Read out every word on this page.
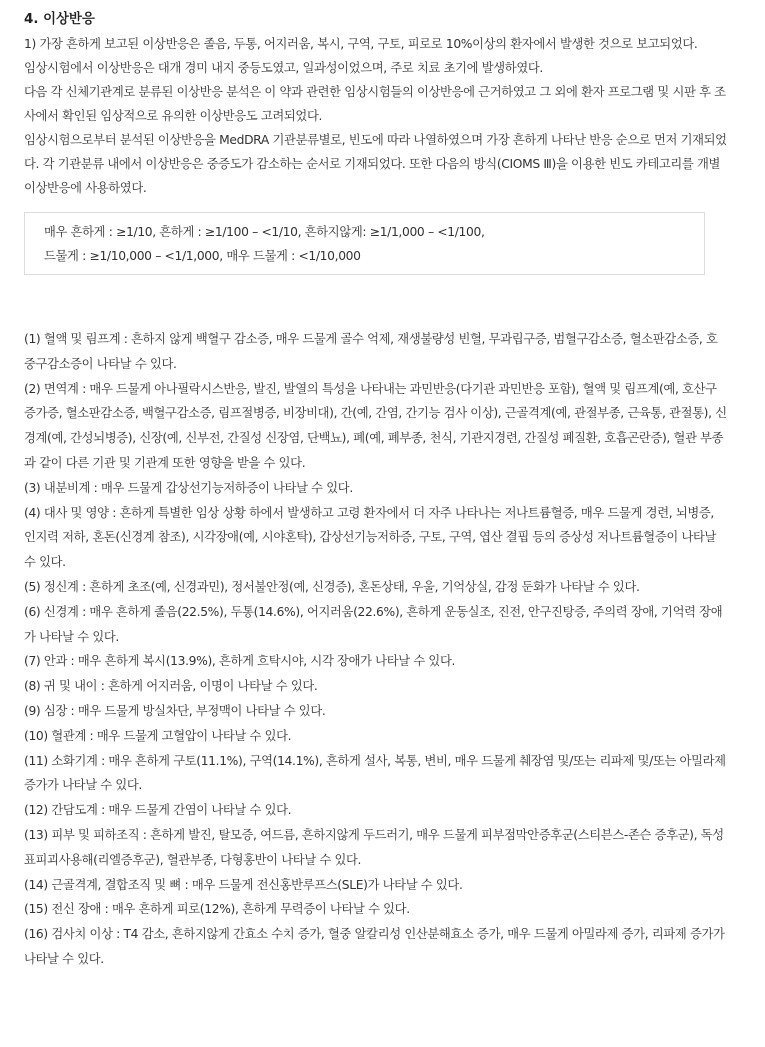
4. 이상반응

1) 가장 흔하게 보고된 이상반응은 졸음, 두통, 어지러움, 복시, 구역, 구토, 피로로 10%이상의 환자에서 발생한 것으로 보고되었다.

임상시험에서 이상반응은 대개 경미 내지 중등도였고, 일과성이었으며, 주로 치료 초기에 발생하였다.

다음 각 신체기관계로 분류된 이상반응 분석은 이 약과 관련한 임상시험들의 이상반응에 근거하였고 그 외에 환자 프로그램 및 시판 후 조사에서 확인된 임상적으로 유의한 이상반응도 고려되었다.

임상시험으로부터 분석된 이상반응을 MedDRA 기관분류별로, 빈도에 따라 나열하였으며 가장 흔하게 나타난 반응 순으로 먼저 기재되었다. 각 기관분류 내에서 이상반응은 중증도가 감소하는 순서로 기재되었다. 또한 다음의 방식(CIOMS Ⅲ)을 이용한 빈도 카테고리를 개별 이상반응에 사용하였다.

매우 흔하게 : ≥1/10, 흔하게 : ≥1/100 – <1/10, 흔하지않게: ≥1/1,000 – <1/100,

드물게 : ≥1/10,000 – <1/1,000, 매우 드물게 : <1/10,000

(1) 혈액 및 림프계 : 흔하지 않게 백혈구 감소증, 매우 드물게 골수 억제, 재생불량성 빈혈, 무과립구증, 범혈구감소증, 혈소판감소증, 호중구감소증이 나타날 수 있다.

(2) 면역계 : 매우 드물게 아나필락시스반응, 발진, 발열의 특성을 나타내는 과민반응(다기관 과민반응 포함), 혈액 및 림프계(예, 호산구증가증, 혈소판감소증, 백혈구감소증, 림프절병증, 비장비대), 간(예, 간염, 간기능 검사 이상), 근골격계(예, 관절부종, 근육통, 관절통), 신경계(예, 간성뇌병증), 신장(예, 신부전, 간질성 신장염, 단백뇨), 폐(예, 폐부종, 천식, 기관지경련, 간질성 폐질환, 호흡곤란증), 혈관 부종과 같이 다른 기관 및 기관계 또한 영향을 받을 수 있다.

(3) 내분비계 : 매우 드물게 갑상선기능저하증이 나타날 수 있다.

(4) 대사 및 영양 : 흔하게 특별한 임상 상황 하에서 발생하고 고령 환자에서 더 자주 나타나는 저나트륨혈증, 매우 드물게 경련, 뇌병증, 인지력 저하, 혼돈(신경계 참조), 시각장애(예, 시야혼탁), 갑상선기능저하증, 구토, 구역, 엽산 결핍 등의 증상성 저나트륨혈증이 나타날 수 있다.

(5) 정신계 : 흔하게 초조(예, 신경과민), 정서불안정(예, 신경증), 혼돈상태, 우울, 기억상실, 감정 둔화가 나타날 수 있다.

(6) 신경계 : 매우 흔하게 졸음(22.5%), 두통(14.6%), 어지러움(22.6%), 흔하게 운동실조, 진전, 안구진탕증, 주의력 장애, 기억력 장애가 나타날 수 있다.

(7) 안과 : 매우 흔하게 복시(13.9%), 흔하게 흐탁시야, 시각 장애가 나타날 수 있다.

(8) 귀 및 내이 : 흔하게 어지러움, 이명이 나타날 수 있다.

(9) 심장 : 매우 드물게 방실차단, 부정맥이 나타날 수 있다.

(10) 혈관계 : 매우 드물게 고혈압이 나타날 수 있다.

(11) 소화기계 : 매우 흔하게 구토(11.1%), 구역(14.1%), 흔하게 설사, 복통, 변비, 매우 드물게 췌장염 및/또는 리파제 및/또는 아밀라제 증가가 나타날 수 있다.

(12) 간담도계 : 매우 드물게 간염이 나타날 수 있다.

(13) 피부 및 피하조직 : 흔하게 발진, 탈모증, 여드름, 흔하지않게 두드러기, 매우 드물게 피부점막안증후군(스티븐스-존슨 증후군), 독성표피괴사용해(리엘증후군), 혈관부종, 다형홍반이 나타날 수 있다.

(14) 근골격계, 결합조직 및 뼈 : 매우 드물게 전신홍반루프스(SLE)가 나타날 수 있다.

(15) 전신 장애 : 매우 흔하게 피로(12%), 흔하게 무력증이 나타날 수 있다.

(16) 검사치 이상 : T4 감소, 흔하지않게 간효소 수치 증가, 혈중 알칼리성 인산분해효소 증가, 매우 드물게 아밀라제 증가, 리파제 증가가 나타날 수 있다.
